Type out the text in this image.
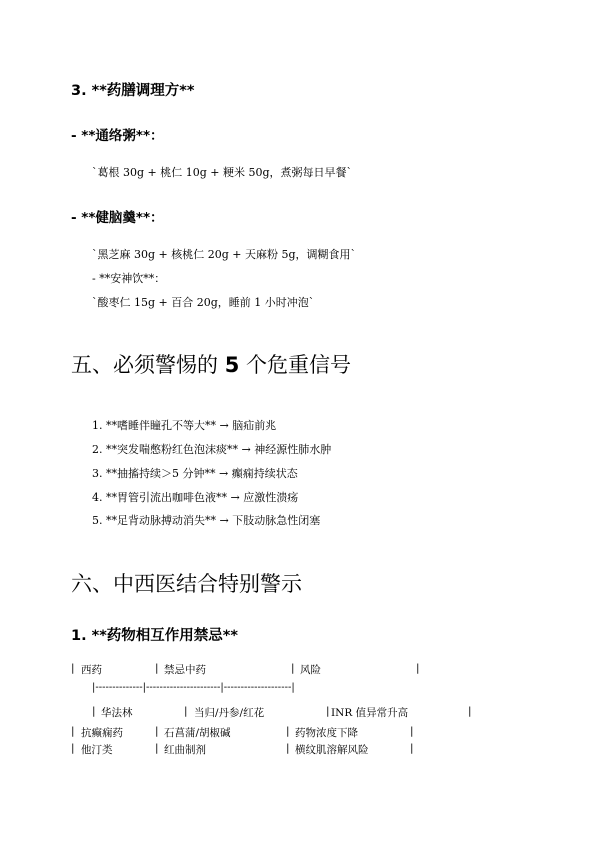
3. **药膳调理方**
- **通络粥**：
`葛根 30g + 桃仁 10g + 粳米 50g，煮粥每日早餐`
- **健脑羹**：
`黑芝麻 30g + 核桃仁 20g + 天麻粉 5g，调糊食用`
- **安神饮**：
`酸枣仁 15g + 百合 20g，睡前 1 小时冲泡`
五、必须警惕的 5 个危重信号
1. **嗜睡伴瞳孔不等大** → 脑疝前兆
2. **突发喘憋粉红色泡沫痰** → 神经源性肺水肿
3. **抽搐持续＞5 分钟** → 癫痫持续状态
4. **胃管引流出咖啡色液** → 应激性溃疡
5. **足背动脉搏动消失** → 下肢动脉急性闭塞
六、中西医结合特别警示
1. **药物相互作用禁忌**
| 西药	| 禁忌中药	| 风险	|
|--------------|----------------------|--------------------|
| 华法林	| 当归/丹参/红花	| INR 值异常升高	|
| 抗癫痫药	| 石菖蒲/胡椒碱	| 药物浓度下降	|
| 他汀类	| 红曲制剂	| 横纹肌溶解风险	|
